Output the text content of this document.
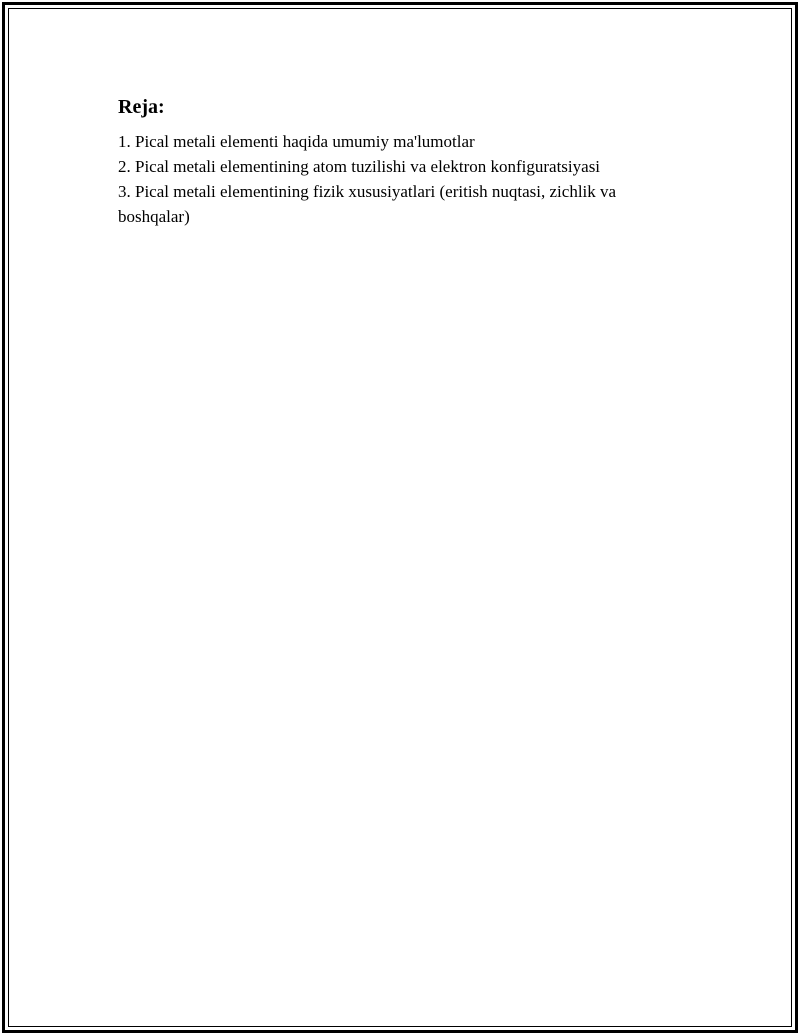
Reja:
1. Pical metali elementi haqida umumiy ma'lumotlar
2. Pical metali elementining atom tuzilishi va elektron konfiguratsiyasi
3. Pical metali elementining fizik xususiyatlari (eritish nuqtasi, zichlik va boshqalar)
